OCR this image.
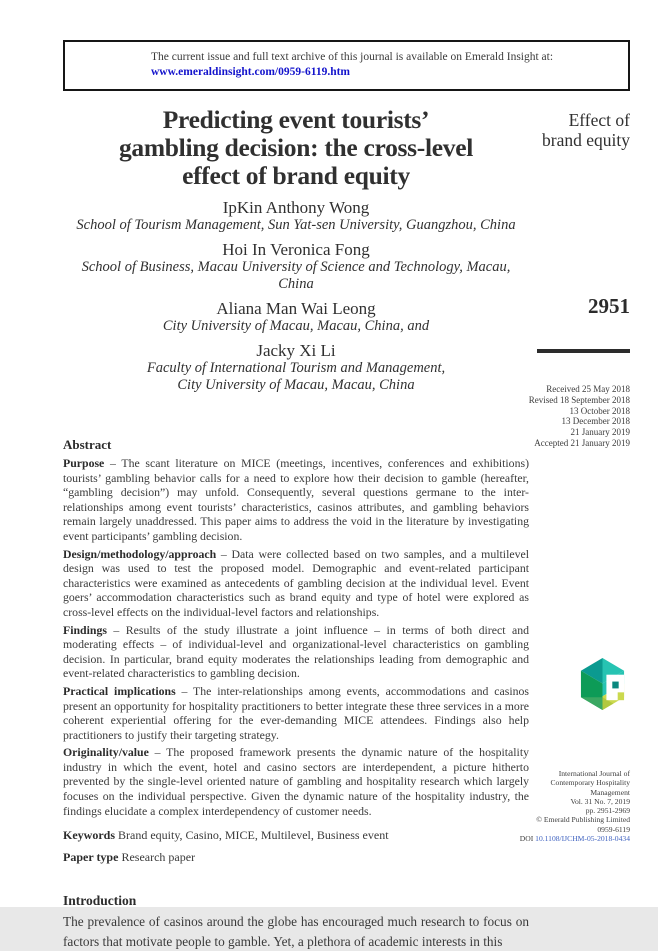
The current issue and full text archive of this journal is available on Emerald Insight at:
www.emeraldinsight.com/0959-6119.htm
Predicting event tourists’
gambling decision: the cross-level
effect of brand equity
IpKin Anthony Wong
School of Tourism Management, Sun Yat-sen University, Guangzhou, China
Hoi In Veronica Fong
School of Business, Macau University of Science and Technology, Macau, China
Aliana Man Wai Leong
City University of Macau, Macau, China, and
Jacky Xi Li
Faculty of International Tourism and Management,
City University of Macau, Macau, China
Abstract

Purpose – The scant literature on MICE (meetings, incentives, conferences and exhibitions) tourists’ gambling behavior calls for a need to explore how their decision to gamble (hereafter, “gambling decision”) may unfold. Consequently, several questions germane to the inter-relationships among event tourists’ characteristics, casinos attributes, and gambling behaviors remain largely unaddressed. This paper aims to address the void in the literature by investigating event participants’ gambling decision.

Design/methodology/approach – Data were collected based on two samples, and a multilevel design was used to test the proposed model. Demographic and event-related participant characteristics were examined as antecedents of gambling decision at the individual level. Event goers’ accommodation characteristics such as brand equity and type of hotel were explored as cross-level effects on the individual-level factors and relationships.

Findings – Results of the study illustrate a joint influence – in terms of both direct and moderating effects – of individual-level and organizational-level characteristics on gambling decision. In particular, brand equity moderates the relationships leading from demographic and event-related characteristics to gambling decision.

Practical implications – The inter-relationships among events, accommodations and casinos present an opportunity for hospitality practitioners to better integrate these three services in a more coherent experiential offering for the ever-demanding MICE attendees. Findings also help practitioners to justify their targeting strategy.

Originality/value – The proposed framework presents the dynamic nature of the hospitality industry in which the event, hotel and casino sectors are interdependent, a picture hitherto prevented by the single-level oriented nature of gambling and hospitality research which largely focuses on the individual perspective. Given the dynamic nature of the hospitality industry, the findings elucidate a complex interdependency of customer needs.

Keywords Brand equity, Casino, MICE, Multilevel, Business event
Paper type Research paper
Introduction

The prevalence of casinos around the globe has encouraged much research to focus on factors that motivate people to gamble. Yet, a plethora of academic interests in this

Effect of brand equity
2951
Received 25 May 2018
Revised 18 September 2018
13 October 2018
13 December 2018
21 January 2019
Accepted 21 January 2019
International Journal of
Contemporary Hospitality
Management
Vol. 31 No. 7, 2019
pp. 2951-2969
© Emerald Publishing Limited
0959-6119
DOI 10.1108/IJCHM-05-2018-0434
